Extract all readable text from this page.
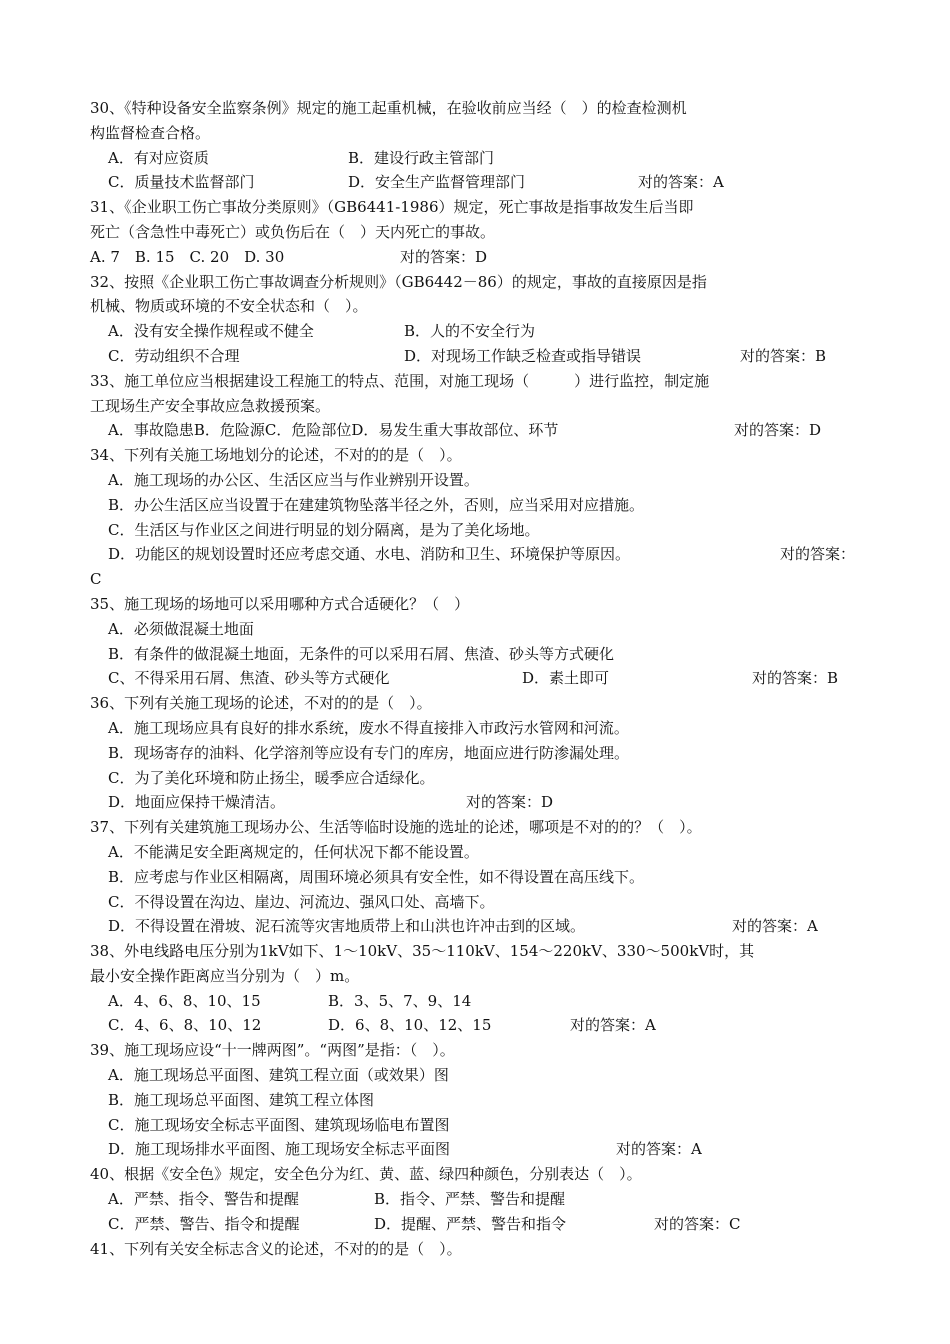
30、《特种设备安全监察条例》规定的施工起重机械，在验收前应当经（　）的检查检测机
构监督检查合格。

A．有对应资质

	B．建设行政主管部门

C．质量技术监督部门

	D．安全生产监督管理部门

	对的答案：A

31、《企业职工伤亡事故分类原则》（GB6441-1986）规定，死亡事故是指事故发生后当即
死亡（含急性中毒死亡）或负伤后在（　）天内死亡的事故。

A. 7　B. 15　C. 20　D. 30

	对的答案：D

32、按照《企业职工伤亡事故调查分析规则》（GB6442－86）的规定，事故的直接原因是指
机械、物质或环境的不安全状态和（　）。

A．没有安全操作规程或不健全

	B．人的不安全行为

C．劳动组织不合理

	D．对现场工作缺乏检查或指导错误

	对的答案：B

33、施工单位应当根据建设工程施工的特点、范围，对施工现场（　　　）进行监控，制定施
工现场生产安全事故应急救援预案。

A．事故隐患B．危险源C．危险部位D．易发生重大事故部位、环节

	对的答案：D

34、下列有关施工场地划分的论述，不对的的是（　）。
A．施工现场的办公区、生活区应当与作业辨别开设置。
B．办公生活区应当设置于在建建筑物坠落半径之外，否则，应当采用对应措施。
C．生活区与作业区之间进行明显的划分隔离，是为了美化场地。

D．功能区的规划设置时还应考虑交通、水电、消防和卫生、环境保护等原因。

	对的答案：

C
35、施工现场的场地可以采用哪种方式合适硬化？（　）
A．必须做混凝土地面
B．有条件的做混凝土地面，无条件的可以采用石屑、焦渣、砂头等方式硬化

C、不得采用石屑、焦渣、砂头等方式硬化

	D．素土即可

	对的答案：B

36、下列有关施工现场的论述，不对的的是（　）。
A．施工现场应具有良好的排水系统，废水不得直接排入市政污水管网和河流。
B．现场寄存的油料、化学溶剂等应设有专门的库房，地面应进行防渗漏处理。
C．为了美化环境和防止扬尘，暖季应合适绿化。

D．地面应保持干燥清洁。

	对的答案：D

37、下列有关建筑施工现场办公、生活等临时设施的选址的论述，哪项是不对的的？（　）。
A．不能满足安全距离规定的，任何状况下都不能设置。
B．应考虑与作业区相隔离，周围环境必须具有安全性，如不得设置在高压线下。
C．不得设置在沟边、崖边、河流边、强风口处、高墙下。

D．不得设置在滑坡、泥石流等灾害地质带上和山洪也许冲击到的区域。

	对的答案：A

38、外电线路电压分别为1kV如下、1～10kV、35～110kV、154～220kV、330～500kV时，其
最小安全操作距离应当分别为（　）m。

A．4、6、8、10、15

	B．3、5、7、9、14

C．4、6、8、10、12

	D．6、8、10、12、15

	对的答案：A

39、施工现场应设“十一牌两图”。“两图”是指：（　）。
A．施工现场总平面图、建筑工程立面（或效果）图
B．施工现场总平面图、建筑工程立体图
C．施工现场安全标志平面图、建筑现场临电布置图

D．施工现场排水平面图、施工现场安全标志平面图

	对的答案：A

40、根据《安全色》规定，安全色分为红、黄、蓝、绿四种颜色，分别表达（　）。

A．严禁、指令、警告和提醒

	B．指令、严禁、警告和提醒

C．严禁、警告、指令和提醒

	D．提醒、严禁、警告和指令

	对的答案：C

41、下列有关安全标志含义的论述，不对的的是（　）。
